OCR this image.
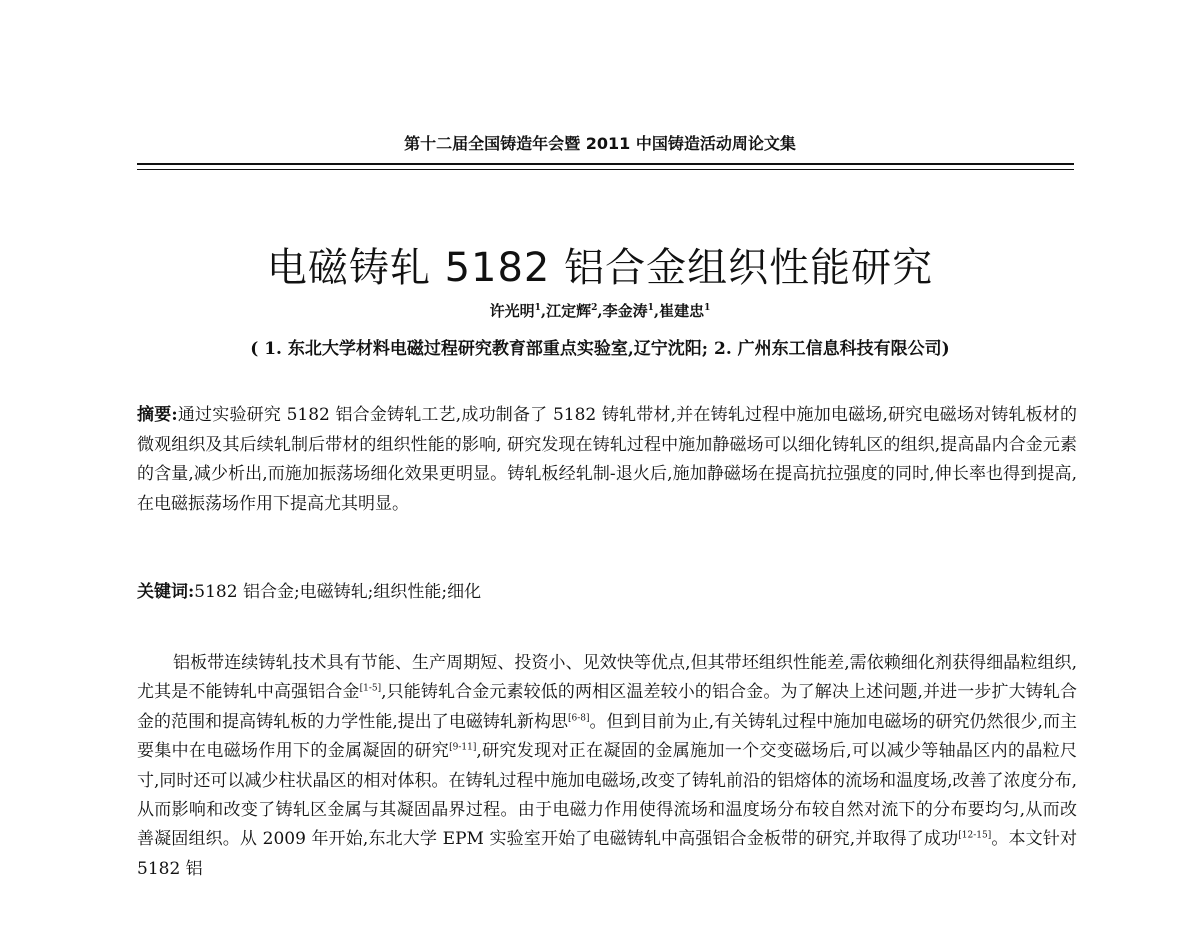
第十二届全国铸造年会暨 2011 中国铸造活动周论文集
电磁铸轧 5182 铝合金组织性能研究
许光明$^1$,江定辉$^2$,李金涛$^1$,崔建忠$^1$
( 1. 东北大学材料电磁过程研究教育部重点实验室,辽宁沈阳; 2. 广州东工信息科技有限公司)
摘要:通过实验研究 5182 铝合金铸轧工艺,成功制备了 5182 铸轧带材,并在铸轧过程中施加电磁场,研究电磁场对铸轧板材的微观组织及其后续轧制后带材的组织性能的影响, 研究发现在铸轧过程中施加静磁场可以细化铸轧区的组织,提高晶内合金元素的含量,减少析出,而施加振荡场细化效果更明显。铸轧板经轧制-退火后,施加静磁场在提高抗拉强度的同时,伸长率也得到提高,在电磁振荡场作用下提高尤其明显。
关键词:5182 铝合金;电磁铸轧;组织性能;细化

铝板带连续铸轧技术具有节能、生产周期短、投资小、见效快等优点,但其带坯组织性能差,需依赖细化剂获得细晶粒组织,尤其是不能铸轧中高强铝合金[1-5],只能铸轧合金元素较低的两相区温差较小的铝合金。为了解决上述问题,并进一步扩大铸轧合金的范围和提高铸轧板的力学性能,提出了电磁铸轧新构思[6-8]。但到目前为止,有关铸轧过程中施加电磁场的研究仍然很少,而主要集中在电磁场作用下的金属凝固的研究[9-11],研究发现对正在凝固的金属施加一个交变磁场后,可以减少等轴晶区内的晶粒尺寸,同时还可以减少柱状晶区的相对体积。在铸轧过程中施加电磁场,改变了铸轧前沿的铝熔体的流场和温度场,改善了浓度分布,从而影响和改变了铸轧区金属与其凝固晶界过程。由于电磁力作用使得流场和温度场分布较自然对流下的分布要均匀,从而改善凝固组织。从 2009 年开始,东北大学 EPM 实验室开始了电磁铸轧中高强铝合金板带的研究,并取得了成功[12-15]。本文针对 5182 铝
